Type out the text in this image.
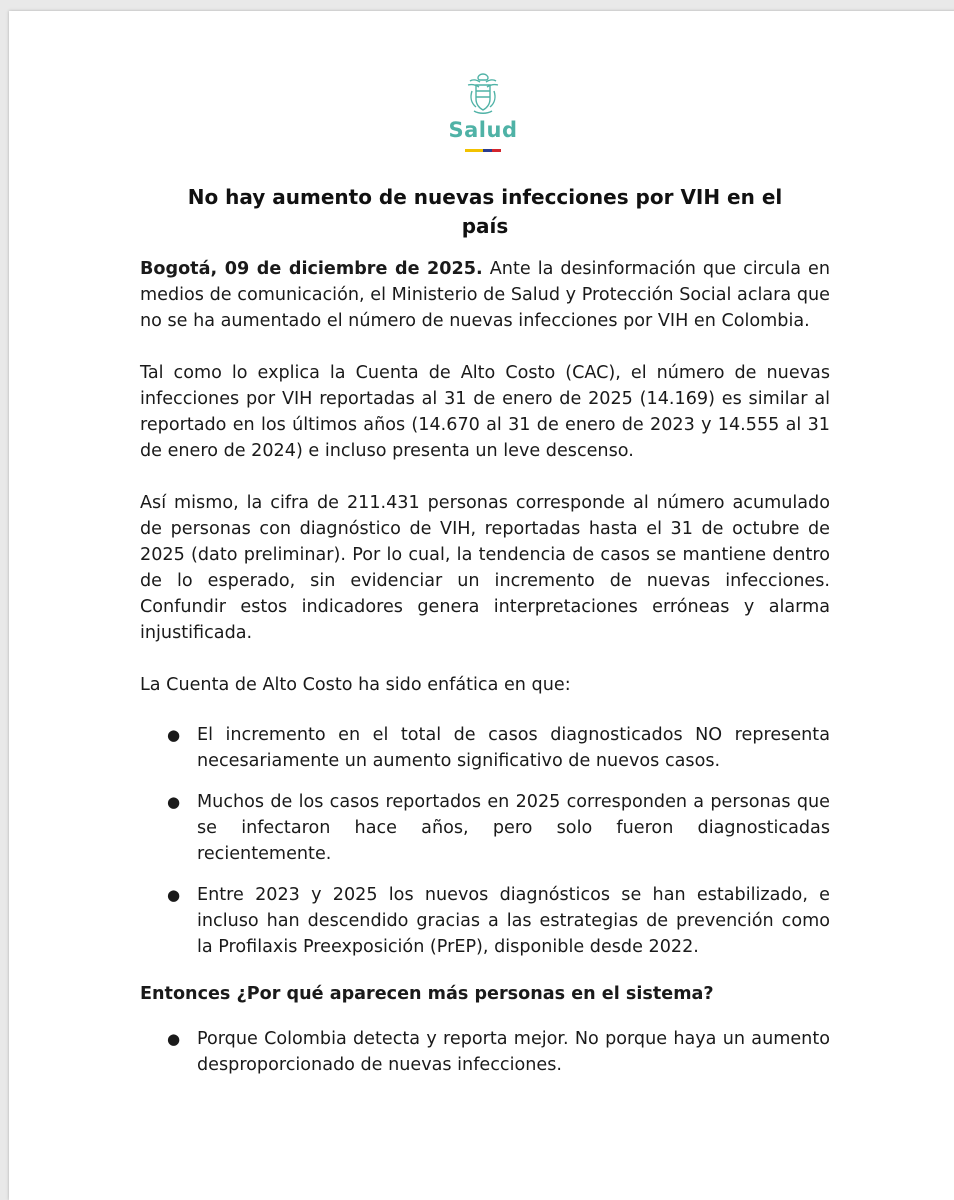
Salud
No hay aumento de nuevas infecciones por VIH en el país

Bogotá, 09 de diciembre de 2025. Ante la desinformación que circula en medios de comunicación, el Ministerio de Salud y Protección Social aclara que no se ha aumentado el número de nuevas infecciones por VIH en Colombia.

Tal como lo explica la Cuenta de Alto Costo (CAC), el número de nuevas infecciones por VIH reportadas al 31 de enero de 2025 (14.169) es similar al reportado en los últimos años (14.670 al 31 de enero de 2023 y 14.555 al 31 de enero de 2024) e incluso presenta un leve descenso.

Así mismo, la cifra de 211.431 personas corresponde al número acumulado de personas con diagnóstico de VIH, reportadas hasta el 31 de octubre de 2025 (dato preliminar). Por lo cual, la tendencia de casos se mantiene dentro de lo esperado, sin evidenciar un incremento de nuevas infecciones. Confundir estos indicadores genera interpretaciones erróneas y alarma injustificada.

La Cuenta de Alto Costo ha sido enfática en que:

● El incremento en el total de casos diagnosticados NO representa necesariamente un aumento significativo de nuevos casos.
● Muchos de los casos reportados en 2025 corresponden a personas que se infectaron hace años, pero solo fueron diagnosticadas recientemente.
● Entre 2023 y 2025 los nuevos diagnósticos se han estabilizado, e incluso han descendido gracias a las estrategias de prevención como la Profilaxis Preexposición (PrEP), disponible desde 2022.
Entonces ¿Por qué aparecen más personas en el sistema?
● Porque Colombia detecta y reporta mejor. No porque haya un aumento desproporcionado de nuevas infecciones.
